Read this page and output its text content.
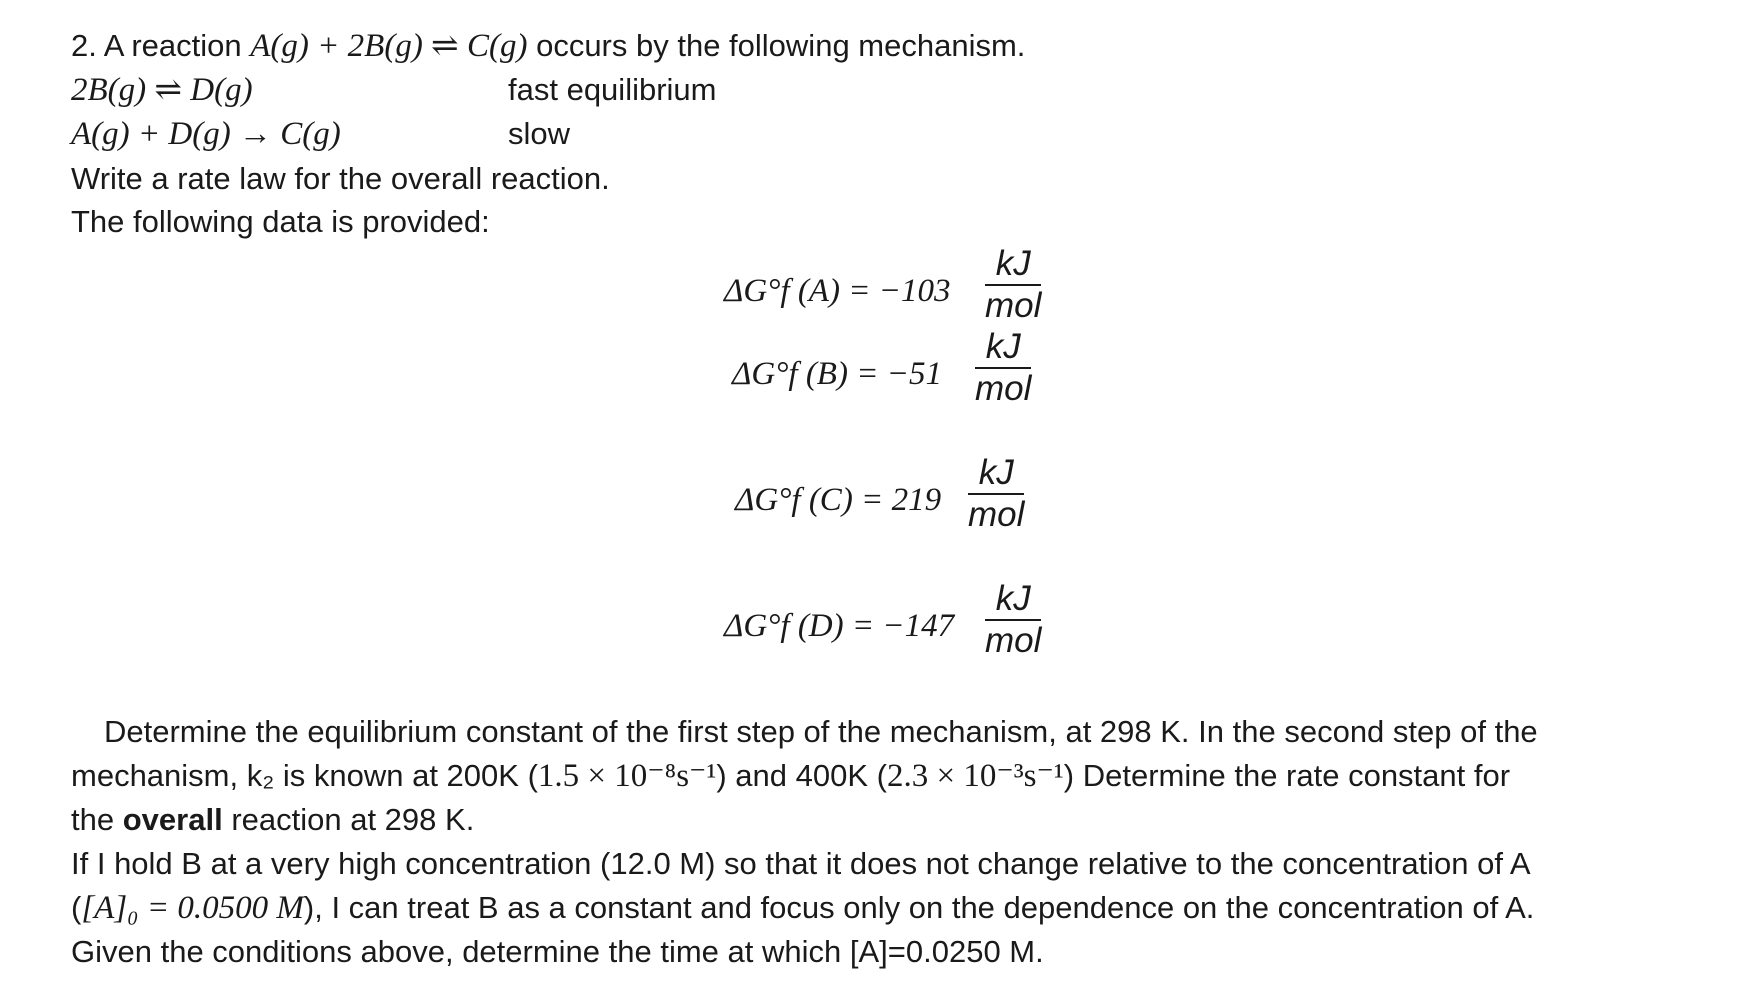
2. A reaction A(g) + 2B(g) ⇌ C(g) occurs by the following mechanism.
2B(g) ⇌ D(g)	fast equilibrium
A(g) + D(g) → C(g)	slow
Write a rate law for the overall reaction.
The following data is provided:
ΔG°f (A) = −103
kJ
mol
ΔG°f (B) = −51
kJ
mol
ΔG°f (C) = 219
kJ
mol
ΔG°f (D) = −147
kJ
mol
Determine the equilibrium constant of the first step of the mechanism, at 298 K. In the second step of the
mechanism, k₂ is known at 200K (1.5 × 10⁻⁸s⁻¹) and 400K (2.3 × 10⁻³s⁻¹) Determine the rate constant for
the overall reaction at 298 K.
If I hold B at a very high concentration (12.0 M) so that it does not change relative to the concentration of A
([A]₀ = 0.0500 M), I can treat B as a constant and focus only on the dependence on the concentration of A.
Given the conditions above, determine the time at which [A]=0.0250 M.
